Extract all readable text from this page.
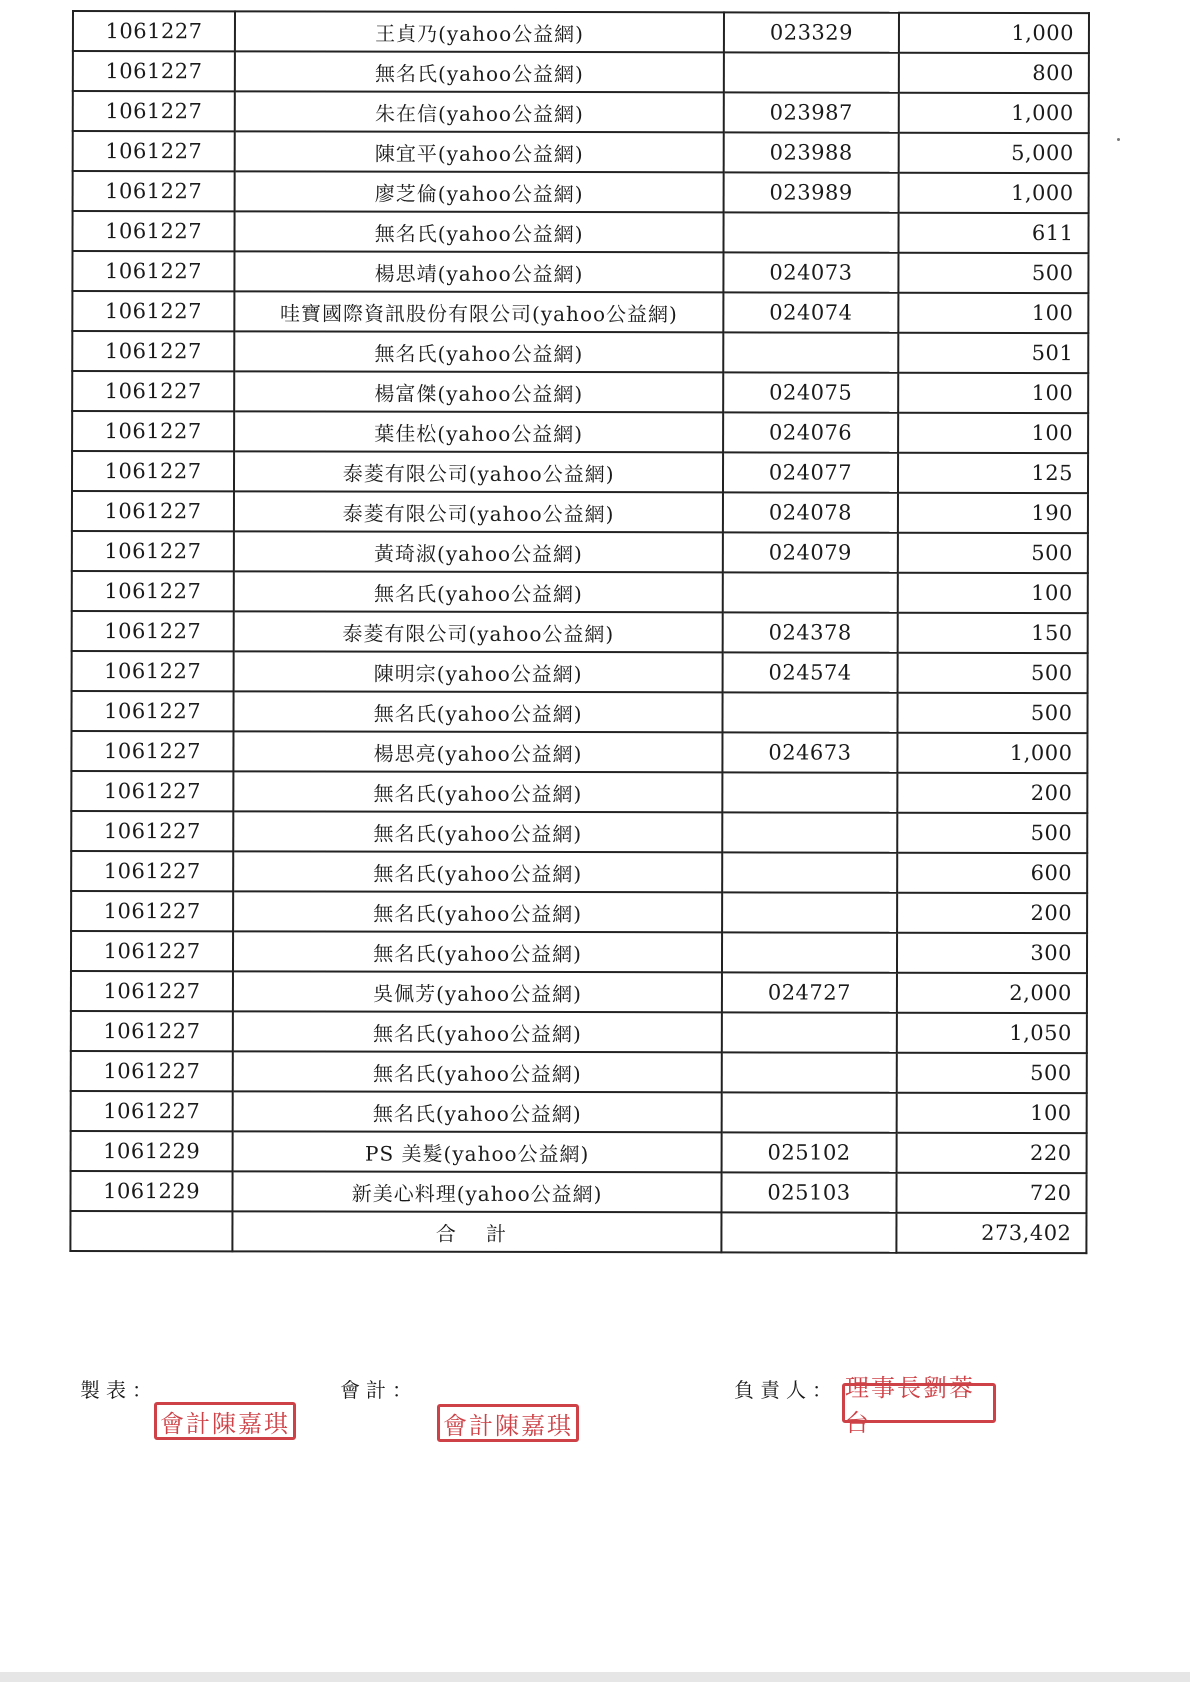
1061227	王貞乃(yahoo公益網)	023329	1,000
1061227	無名氏(yahoo公益網)		800
1061227	朱在信(yahoo公益網)	023987	1,000
1061227	陳宜平(yahoo公益網)	023988	5,000
1061227	廖芝倫(yahoo公益網)	023989	1,000
1061227	無名氏(yahoo公益網)		611
1061227	楊思靖(yahoo公益網)	024073	500
1061227	哇寶國際資訊股份有限公司(yahoo公益網)	024074	100
1061227	無名氏(yahoo公益網)		501
1061227	楊富傑(yahoo公益網)	024075	100
1061227	葉佳松(yahoo公益網)	024076	100
1061227	泰菱有限公司(yahoo公益網)	024077	125
1061227	泰菱有限公司(yahoo公益網)	024078	190
1061227	黃琦淑(yahoo公益網)	024079	500
1061227	無名氏(yahoo公益網)		100
1061227	泰菱有限公司(yahoo公益網)	024378	150
1061227	陳明宗(yahoo公益網)	024574	500
1061227	無名氏(yahoo公益網)		500
1061227	楊思亮(yahoo公益網)	024673	1,000
1061227	無名氏(yahoo公益網)		200
1061227	無名氏(yahoo公益網)		500
1061227	無名氏(yahoo公益網)		600
1061227	無名氏(yahoo公益網)		200
1061227	無名氏(yahoo公益網)		300
1061227	吳佩芳(yahoo公益網)	024727	2,000
1061227	無名氏(yahoo公益網)		1,050
1061227	無名氏(yahoo公益網)		500
1061227	無名氏(yahoo公益網)		100
1061229	PS 美髮(yahoo公益網)	025102	220
1061229	新美心料理(yahoo公益網)	025103	720
	合 計		273,402
製表：	會計：	負責人：
會計陳嘉琪	會計陳嘉琪
理事長劉蓉台
